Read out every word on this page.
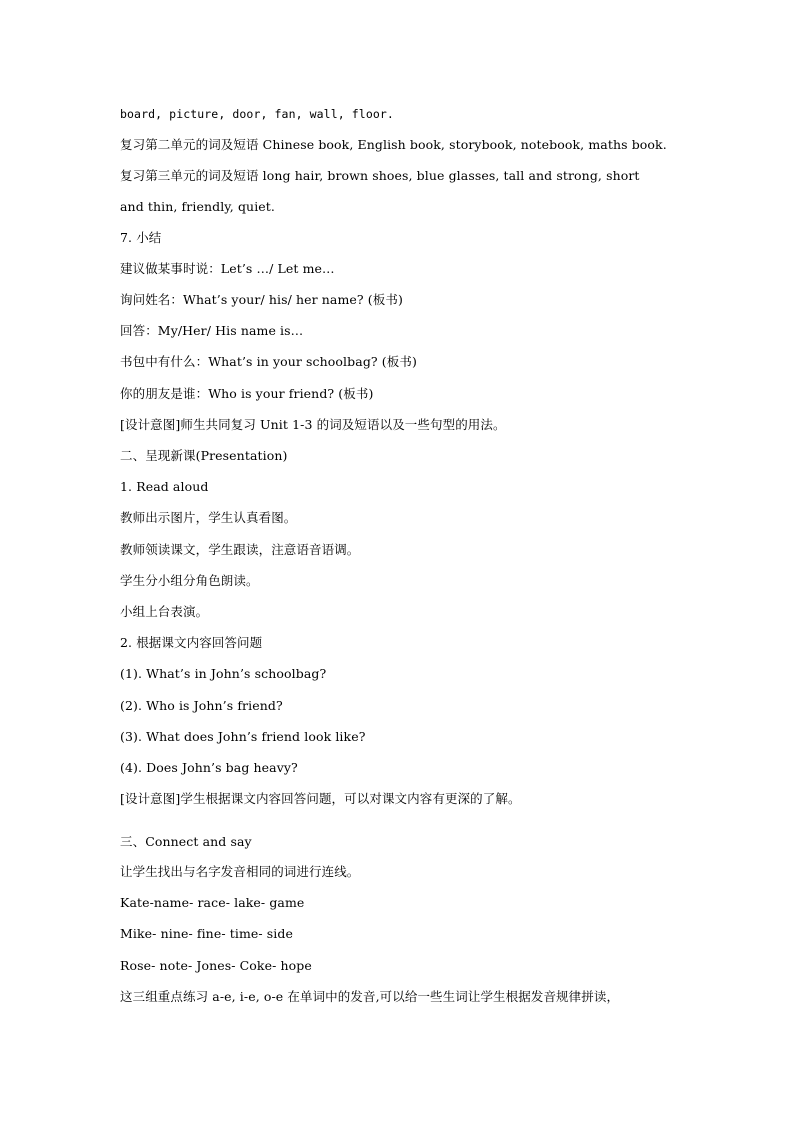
board, picture, door, fan, wall, floor.
复习第二单元的词及短语 Chinese book, English book, storybook, notebook, maths book.
复习第三单元的词及短语 long hair, brown shoes, blue glasses, tall and strong, short
and thin, friendly, quiet.
7. 小结
建议做某事时说：Let’s …/ Let me…
询问姓名：What’s your/ his/ her name? (板书)
回答：My/Her/ His name is…
书包中有什么：What’s in your schoolbag? (板书)
你的朋友是谁：Who is your friend? (板书)
[设计意图]师生共同复习 Unit 1-3 的词及短语以及一些句型的用法。
二、呈现新课(Presentation)
1. Read aloud
教师出示图片，学生认真看图。
教师领读课文，学生跟读，注意语音语调。
学生分小组分角色朗读。
小组上台表演。
2. 根据课文内容回答问题
(1). What’s in John’s schoolbag?
(2). Who is John’s friend?
(3). What does John’s friend look like?
(4). Does John’s bag heavy?
[设计意图]学生根据课文内容回答问题，可以对课文内容有更深的了解。
三、Connect and say
让学生找出与名字发音相同的词进行连线。
Kate-name- race- lake- game
Mike- nine- fine- time- side
Rose- note- Jones- Coke- hope
这三组重点练习 a-e, i-e, o-e 在单词中的发音,可以给一些生词让学生根据发音规律拼读，
